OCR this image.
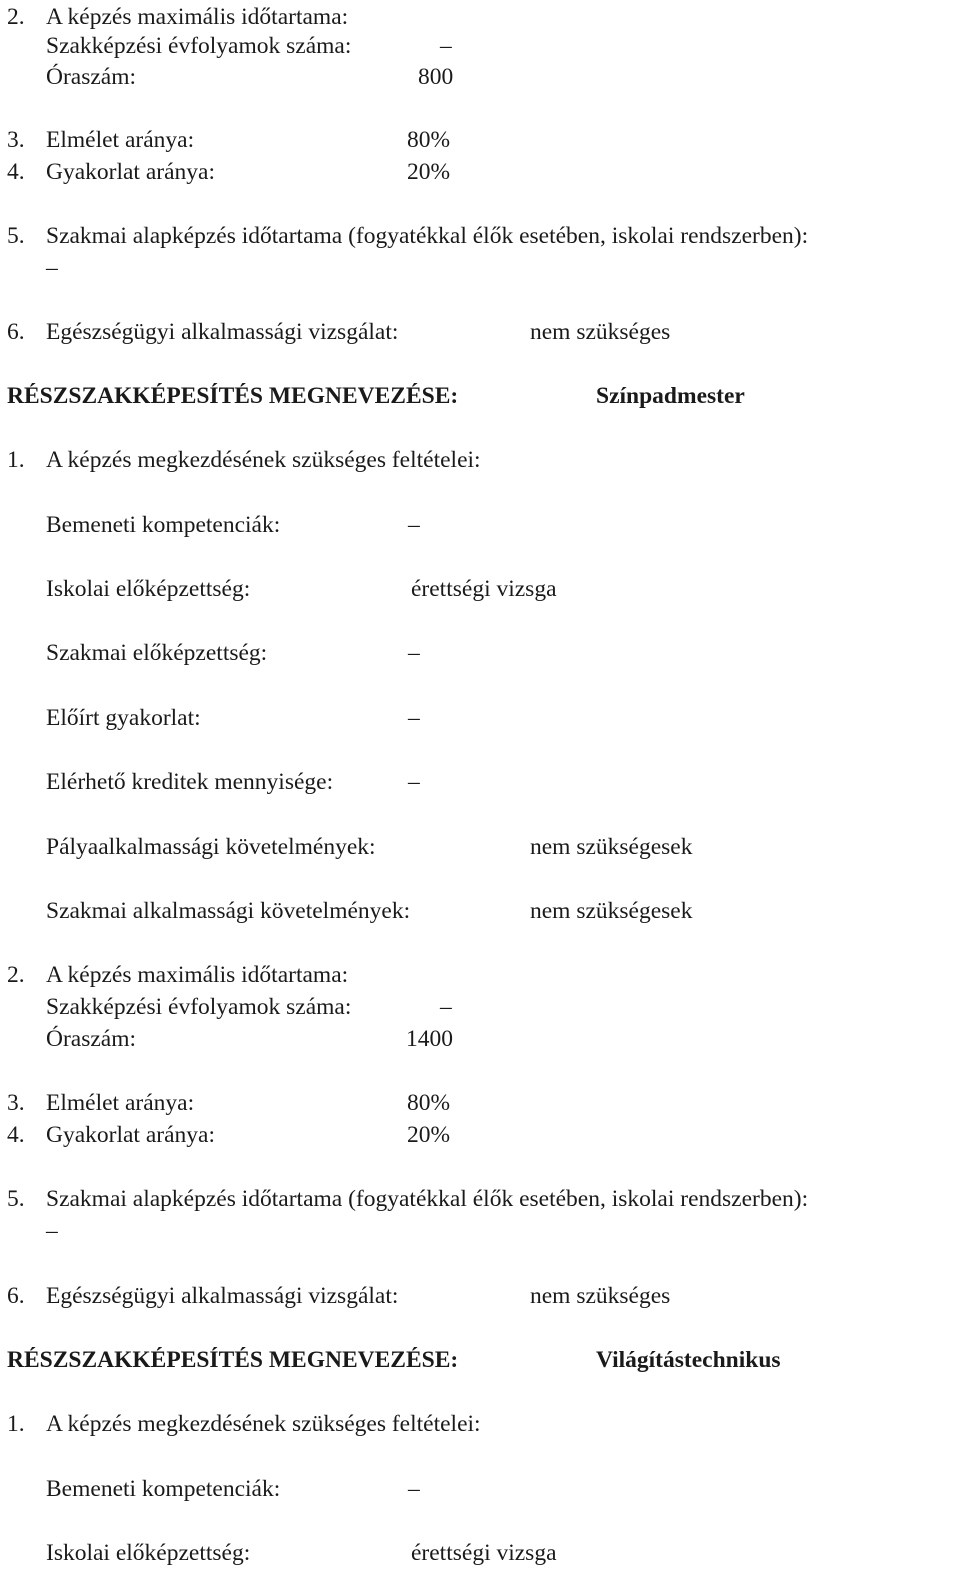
2. A képzés maximális időtartama:
Szakképzési évfolyamok száma:	–
Óraszám:	800
3. Elmélet aránya:	80%
4. Gyakorlat aránya:	20%
5. Szakmai alapképzés időtartama (fogyatékkal élők esetében, iskolai rendszerben):
–
6. Egészségügyi alkalmassági vizsgálat:	nem szükséges
RÉSZSZAKKÉPESÍTÉS MEGNEVEZÉSE:	Színpadmester
1. A képzés megkezdésének szükséges feltételei:
Bemeneti kompetenciák:	–
Iskolai előképzettség:	érettségi vizsga
Szakmai előképzettség:	–
Előírt gyakorlat:	–
Elérhető kreditek mennyisége:	–
Pályaalkalmassági követelmények:	nem szükségesek
Szakmai alkalmassági követelmények:	nem szükségesek
2. A képzés maximális időtartama:
Szakképzési évfolyamok száma:	–
Óraszám:	1400
3. Elmélet aránya:	80%
4. Gyakorlat aránya:	20%
5. Szakmai alapképzés időtartama (fogyatékkal élők esetében, iskolai rendszerben):
–
6. Egészségügyi alkalmassági vizsgálat:	nem szükséges
RÉSZSZAKKÉPESÍTÉS MEGNEVEZÉSE:	Világítástechnikus
1. A képzés megkezdésének szükséges feltételei:
Bemeneti kompetenciák:	–
Iskolai előképzettség:	érettségi vizsga
